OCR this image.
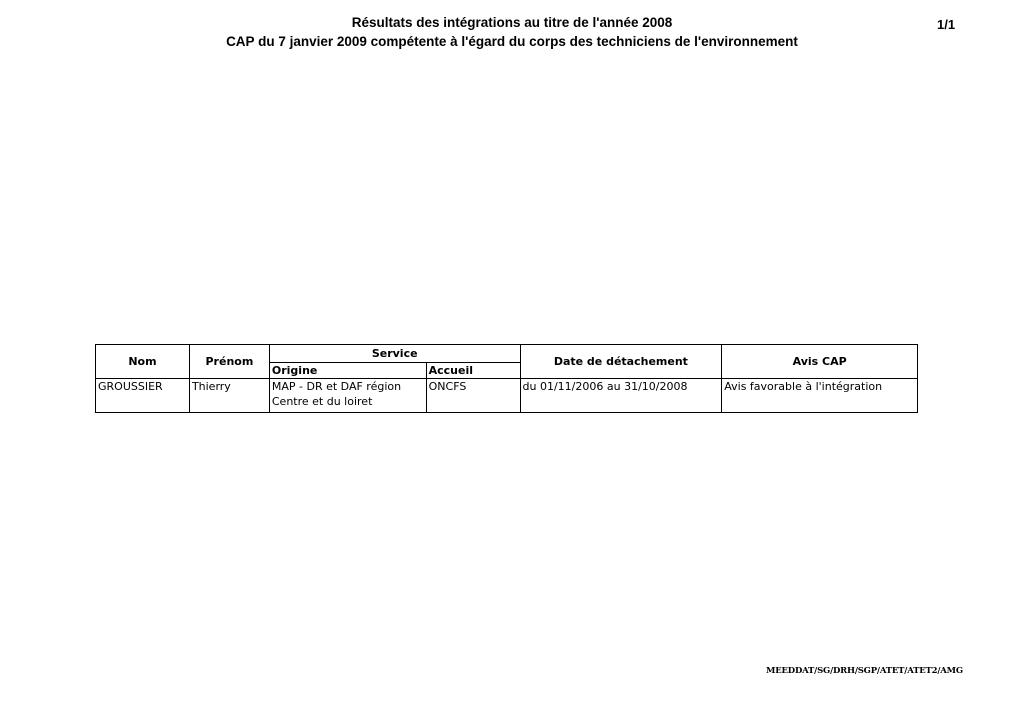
Résultats des intégrations au titre de l'année 2008
CAP du 7 janvier 2009 compétente à l'égard du corps des techniciens de l'environnement
1/1
Nom	Prénom	Service		Date de détachement	Avis CAP
		Origine	Accueil		
GROUSSIER	Thierry	MAP - DR et DAF région Centre et du loiret	ONCFS	du 01/11/2006 au 31/10/2008	Avis favorable à l'intégration
MEEDDAT/SG/DRH/SGP/ATET/ATET2/AMG
